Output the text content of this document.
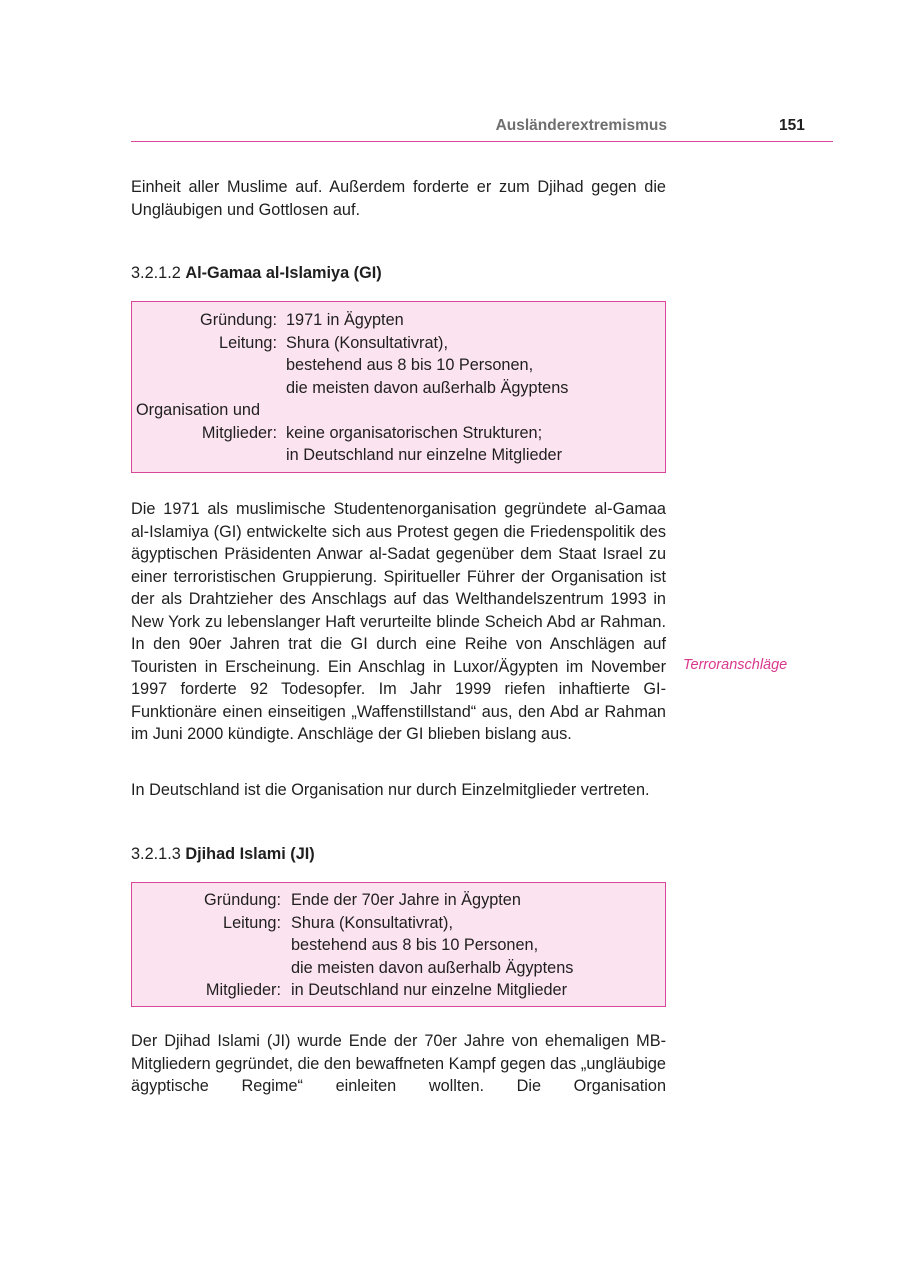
Ausländerextremismus	151

Einheit aller Muslime auf. Außerdem forderte er zum Djihad gegen die Ungläubigen und Gottlosen auf.

3.2.1.2 Al-Gamaa al-Islamiya (GI)
Gründung: 1971 in Ägypten
Leitung: Shura (Konsultativrat),
bestehend aus 8 bis 10 Personen,
die meisten davon außerhalb Ägyptens
Organisation und
Mitglieder: keine organisatorischen Strukturen;
in Deutschland nur einzelne Mitglieder

Die 1971 als muslimische Studentenorganisation gegründete al-Gamaa al-Islamiya (GI) entwickelte sich aus Protest gegen die Friedenspolitik des ägyptischen Präsidenten Anwar al-Sadat gegenüber dem Staat Israel zu einer terroristischen Gruppierung. Spiritueller Führer der Organisation ist der als Drahtzieher des Anschlags auf das Welthandelszentrum 1993 in New York zu lebenslanger Haft verurteilte blinde Scheich Abd ar Rahman. In den 90er Jahren trat die GI durch eine Reihe von Anschlägen auf Touristen in Erscheinung. Ein Anschlag in Luxor/Ägypten im November 1997 forderte 92 Todesopfer. Im Jahr 1999 riefen inhaftierte GI-Funktionäre einen einseitigen „Waffenstillstand“ aus, den Abd ar Rahman im Juni 2000 kündigte. Anschläge der GI blieben bislang aus.

Terroranschläge

In Deutschland ist die Organisation nur durch Einzelmitglieder vertreten.

3.2.1.3 Djihad Islami (JI)
Gründung: Ende der 70er Jahre in Ägypten
Leitung: Shura (Konsultativrat),
bestehend aus 8 bis 10 Personen,
die meisten davon außerhalb Ägyptens
Mitglieder: in Deutschland nur einzelne Mitglieder

Der Djihad Islami (JI) wurde Ende der 70er Jahre von ehemaligen MB-Mitgliedern gegründet, die den bewaffneten Kampf gegen das „ungläubige ägyptische Regime“ einleiten wollten. Die Organisation
